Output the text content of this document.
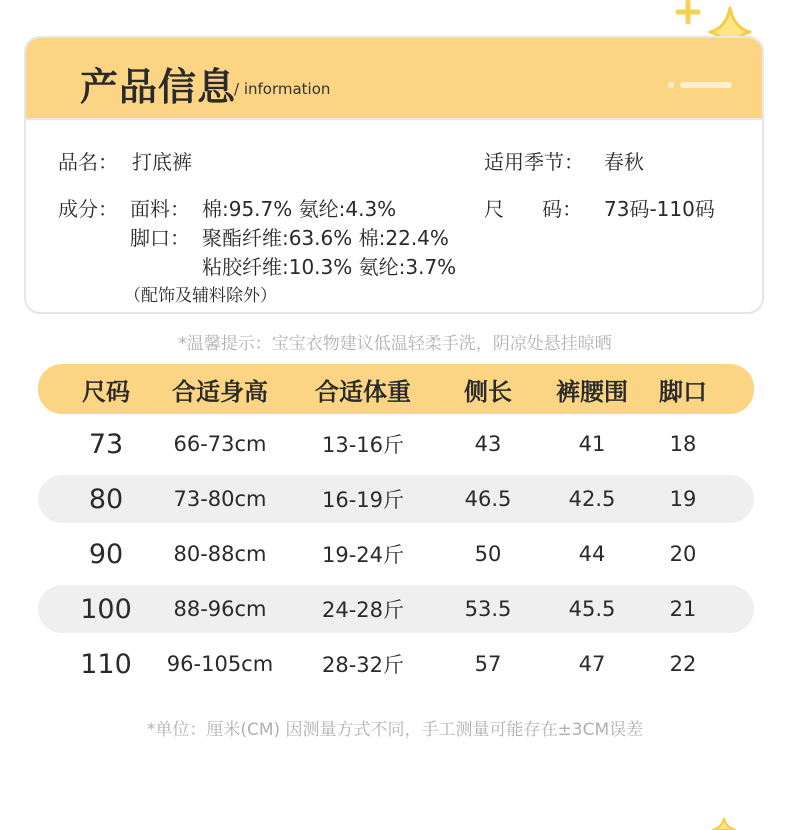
产品信息
/ information
品名： 打底裤	适用季节： 春秋
成分： 面料： 棉:95.7% 氨纶:4.3%	尺      码： 73码-110码
脚口： 聚酯纤维:63.6% 棉:22.4%
粘胶纤维:10.3% 氨纶:3.7%
（配饰及辅料除外）
*温馨提示：宝宝衣物建议低温轻柔手洗，阴凉处悬挂晾晒
尺码	合适身高	合适体重	侧长	裤腰围	脚口
73	66-73cm	13-16斤	43	41	18
80	73-80cm	16-19斤	46.5	42.5	19
90	80-88cm	19-24斤	50	44	20
100	88-96cm	24-28斤	53.5	45.5	21
110	96-105cm	28-32斤	57	47	22
*单位：厘米(CM) 因测量方式不同，手工测量可能存在±3CM误差
